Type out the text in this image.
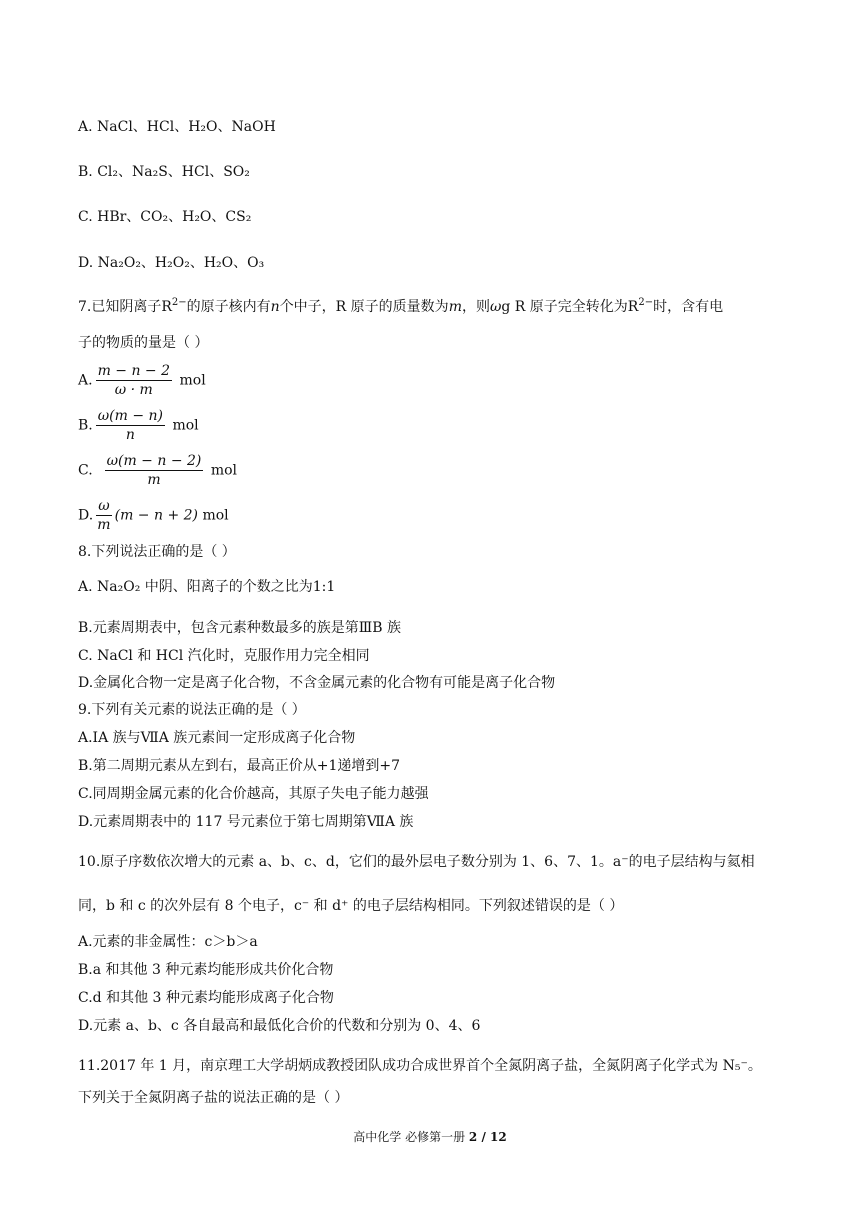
A. NaCl、HCl、H₂O、NaOH
B. Cl₂、Na₂S、HCl、SO₂
C. HBr、CO₂、H₂O、CS₂
D. Na₂O₂、H₂O₂、H₂O、O₃
7.已知阴离子$R^{2-}$的原子核内有n个中子，R 原子的质量数为m，则ωg R 原子完全转化为$R^{2-}$时，含有电
子的物质的量是（ ）
A. $\frac{m - n - 2}{\omega \cdot m}$ mol
B. $\frac{\omega(m - n)}{n}$ mol
C. $\frac{\omega(m - n - 2)}{m}$ mol
D. $\frac{\omega}{m} (m - n + 2)$ mol
8.下列说法正确的是（ ）
A. Na₂O₂ 中阴、阳离子的个数之比为1:1
B.元素周期表中，包含元素种数最多的族是第ⅢB 族
C. NaCl 和 HCl 汽化时，克服作用力完全相同
D.金属化合物一定是离子化合物，不含金属元素的化合物有可能是离子化合物
9.下列有关元素的说法正确的是（ ）
A.ⅠA 族与ⅦA 族元素间一定形成离子化合物
B.第二周期元素从左到右，最高正价从+1递增到+7
C.同周期金属元素的化合价越高，其原子失电子能力越强
D.元素周期表中的 117 号元素位于第七周期第ⅦA 族
10.原子序数依次增大的元素 a、b、c、d，它们的最外层电子数分别为 1、6、7、1。a⁻的电子层结构与氦相
同，b 和 c 的次外层有 8 个电子，c⁻ 和 d⁺ 的电子层结构相同。下列叙述错误的是（ ）
A.元素的非金属性：c＞b＞a
B.a 和其他 3 种元素均能形成共价化合物
C.d 和其他 3 种元素均能形成离子化合物
D.元素 a、b、c 各自最高和最低化合价的代数和分别为 0、4、6
11.2017 年 1 月，南京理工大学胡炳成教授团队成功合成世界首个全氮阴离子盐，全氮阴离子化学式为 N₅⁻。
下列关于全氮阴离子盐的说法正确的是（ ）
高中化学 必修第一册 2 / 12
